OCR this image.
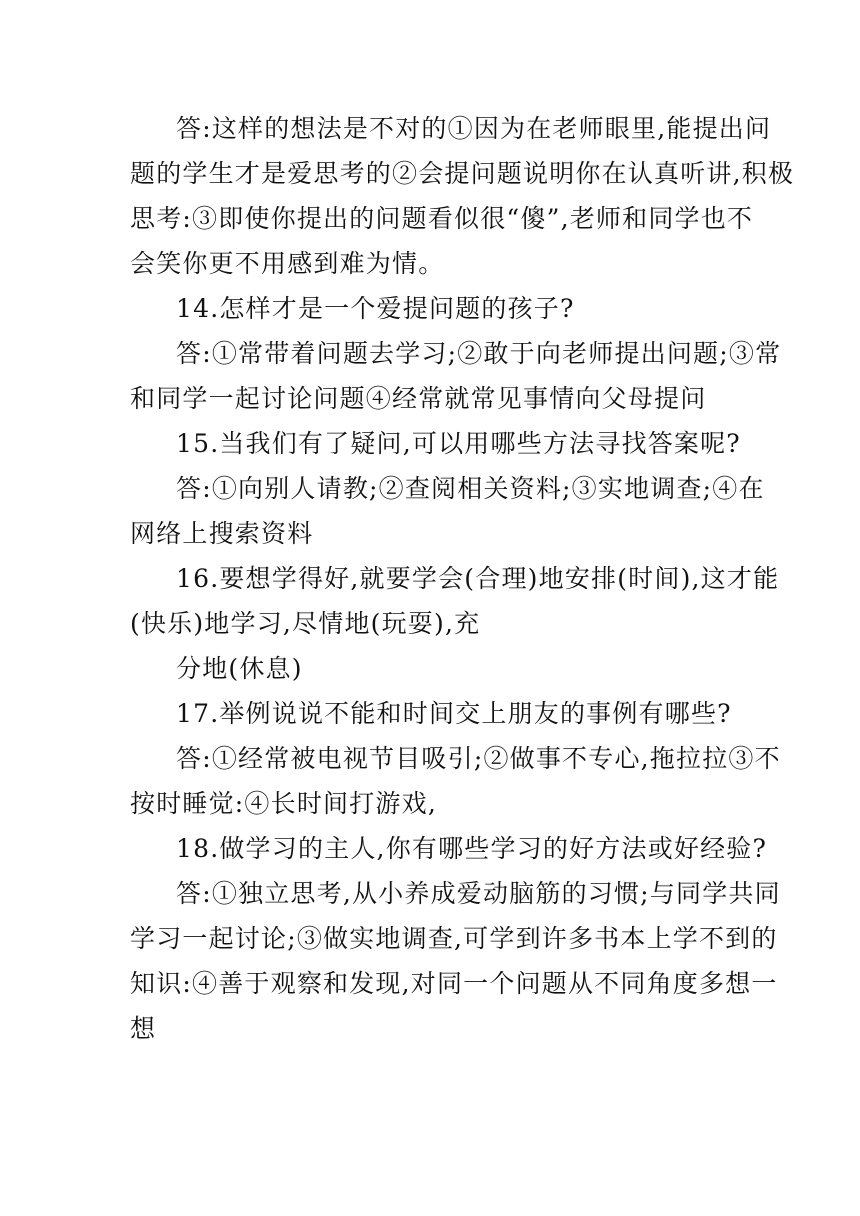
答:这样的想法是不对的①因为在老师眼里,能提出问

题的学生才是爱思考的②会提问题说明你在认真听讲,积极

思考:③即使你提出的问题看似很“傻”,老师和同学也不

会笑你更不用感到难为情。

14.怎样才是一个爱提问题的孩子?

答:①常带着问题去学习;②敢于向老师提出问题;③常

和同学一起讨论问题④经常就常见事情向父母提问

15.当我们有了疑问,可以用哪些方法寻找答案呢?

答:①向别人请教;②查阅相关资料;③实地调查;④在

网络上搜索资料

16.要想学得好,就要学会(合理)地安排(时间),这才能

(快乐)地学习,尽情地(玩耍),充

分地(休息)

17.举例说说不能和时间交上朋友的事例有哪些?

答:①经常被电视节目吸引;②做事不专心,拖拉拉③不

按时睡觉:④长时间打游戏,

18.做学习的主人,你有哪些学习的好方法或好经验?

答:①独立思考,从小养成爱动脑筋的习惯;与同学共同

学习一起讨论;③做实地调查,可学到许多书本上学不到的

知识:④善于观察和发现,对同一个问题从不同角度多想一

想
